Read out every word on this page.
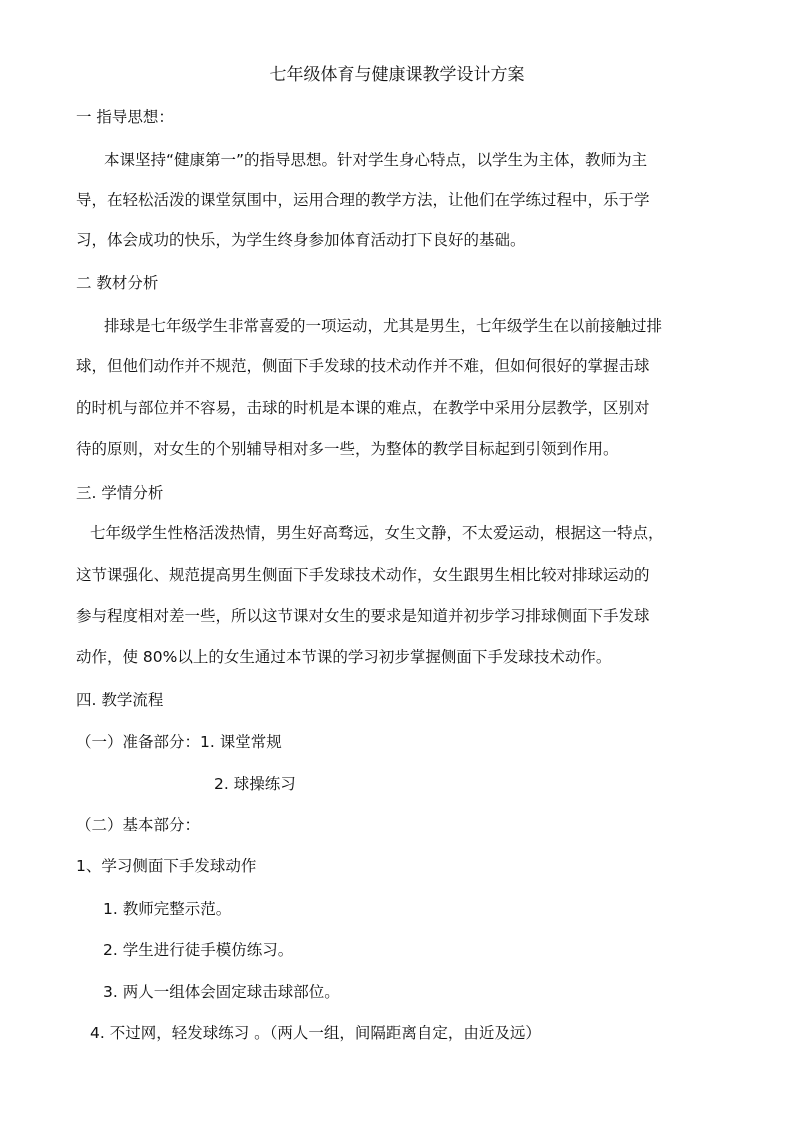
七年级体育与健康课教学设计方案
一 指导思想：
本课坚持“健康第一”的指导思想。针对学生身心特点，以学生为主体，教师为主
导，在轻松活泼的课堂氛围中，运用合理的教学方法，让他们在学练过程中，乐于学
习，体会成功的快乐，为学生终身参加体育活动打下良好的基础。
二 教材分析
排球是七年级学生非常喜爱的一项运动，尤其是男生，七年级学生在以前接触过排
球，但他们动作并不规范，侧面下手发球的技术动作并不难，但如何很好的掌握击球
的时机与部位并不容易，击球的时机是本课的难点，在教学中采用分层教学，区别对
待的原则，对女生的个别辅导相对多一些，为整体的教学目标起到引领到作用。
三. 学情分析
七年级学生性格活泼热情，男生好高骛远，女生文静，不太爱运动，根据这一特点，
这节课强化、规范提高男生侧面下手发球技术动作，女生跟男生相比较对排球运动的
参与程度相对差一些，所以这节课对女生的要求是知道并初步学习排球侧面下手发球
动作，使 80%以上的女生通过本节课的学习初步掌握侧面下手发球技术动作。
四. 教学流程
（一）准备部分：1. 课堂常规
2. 球操练习
（二）基本部分：
1、学习侧面下手发球动作
1. 教师完整示范。
2. 学生进行徒手模仿练习。
3. 两人一组体会固定球击球部位。
4. 不过网，轻发球练习 。（两人一组，间隔距离自定，由近及远）
